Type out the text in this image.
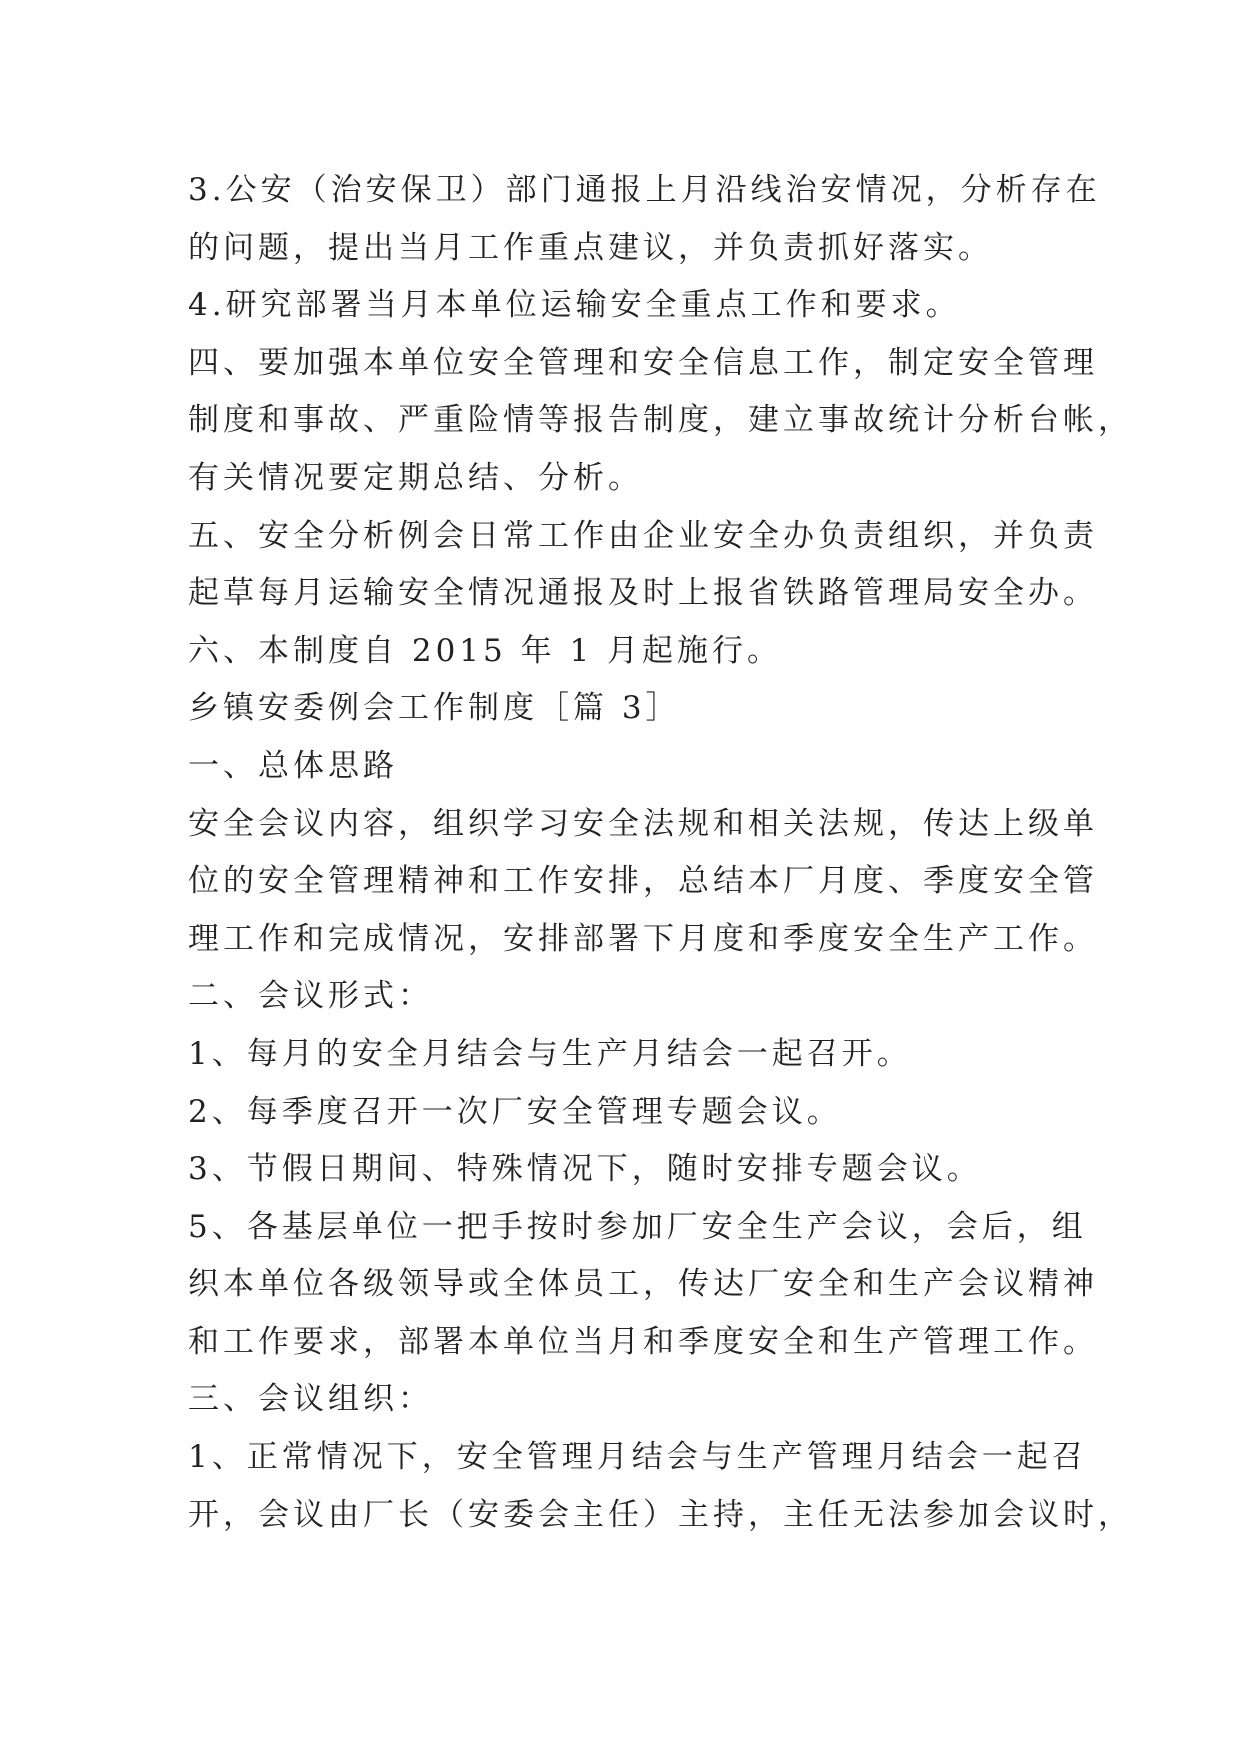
3.公安（治安保卫）部门通报上月沿线治安情况，分析存在

的问题，提出当月工作重点建议，并负责抓好落实。

4.研究部署当月本单位运输安全重点工作和要求。

四、要加强本单位安全管理和安全信息工作，制定安全管理

制度和事故、严重险情等报告制度，建立事故统计分析台帐，

有关情况要定期总结、分析。

五、安全分析例会日常工作由企业安全办负责组织，并负责

起草每月运输安全情况通报及时上报省铁路管理局安全办。

六、本制度自 2015 年 1 月起施行。

乡镇安委例会工作制度［篇 3］

一、总体思路

安全会议内容，组织学习安全法规和相关法规，传达上级单

位的安全管理精神和工作安排，总结本厂月度、季度安全管

理工作和完成情况，安排部署下月度和季度安全生产工作。

二、会议形式：

1、每月的安全月结会与生产月结会一起召开。

2、每季度召开一次厂安全管理专题会议。

3、节假日期间、特殊情况下，随时安排专题会议。

5、各基层单位一把手按时参加厂安全生产会议，会后，组

织本单位各级领导或全体员工，传达厂安全和生产会议精神

和工作要求，部署本单位当月和季度安全和生产管理工作。

三、会议组织：

1、正常情况下，安全管理月结会与生产管理月结会一起召

开，会议由厂长（安委会主任）主持，主任无法参加会议时，
